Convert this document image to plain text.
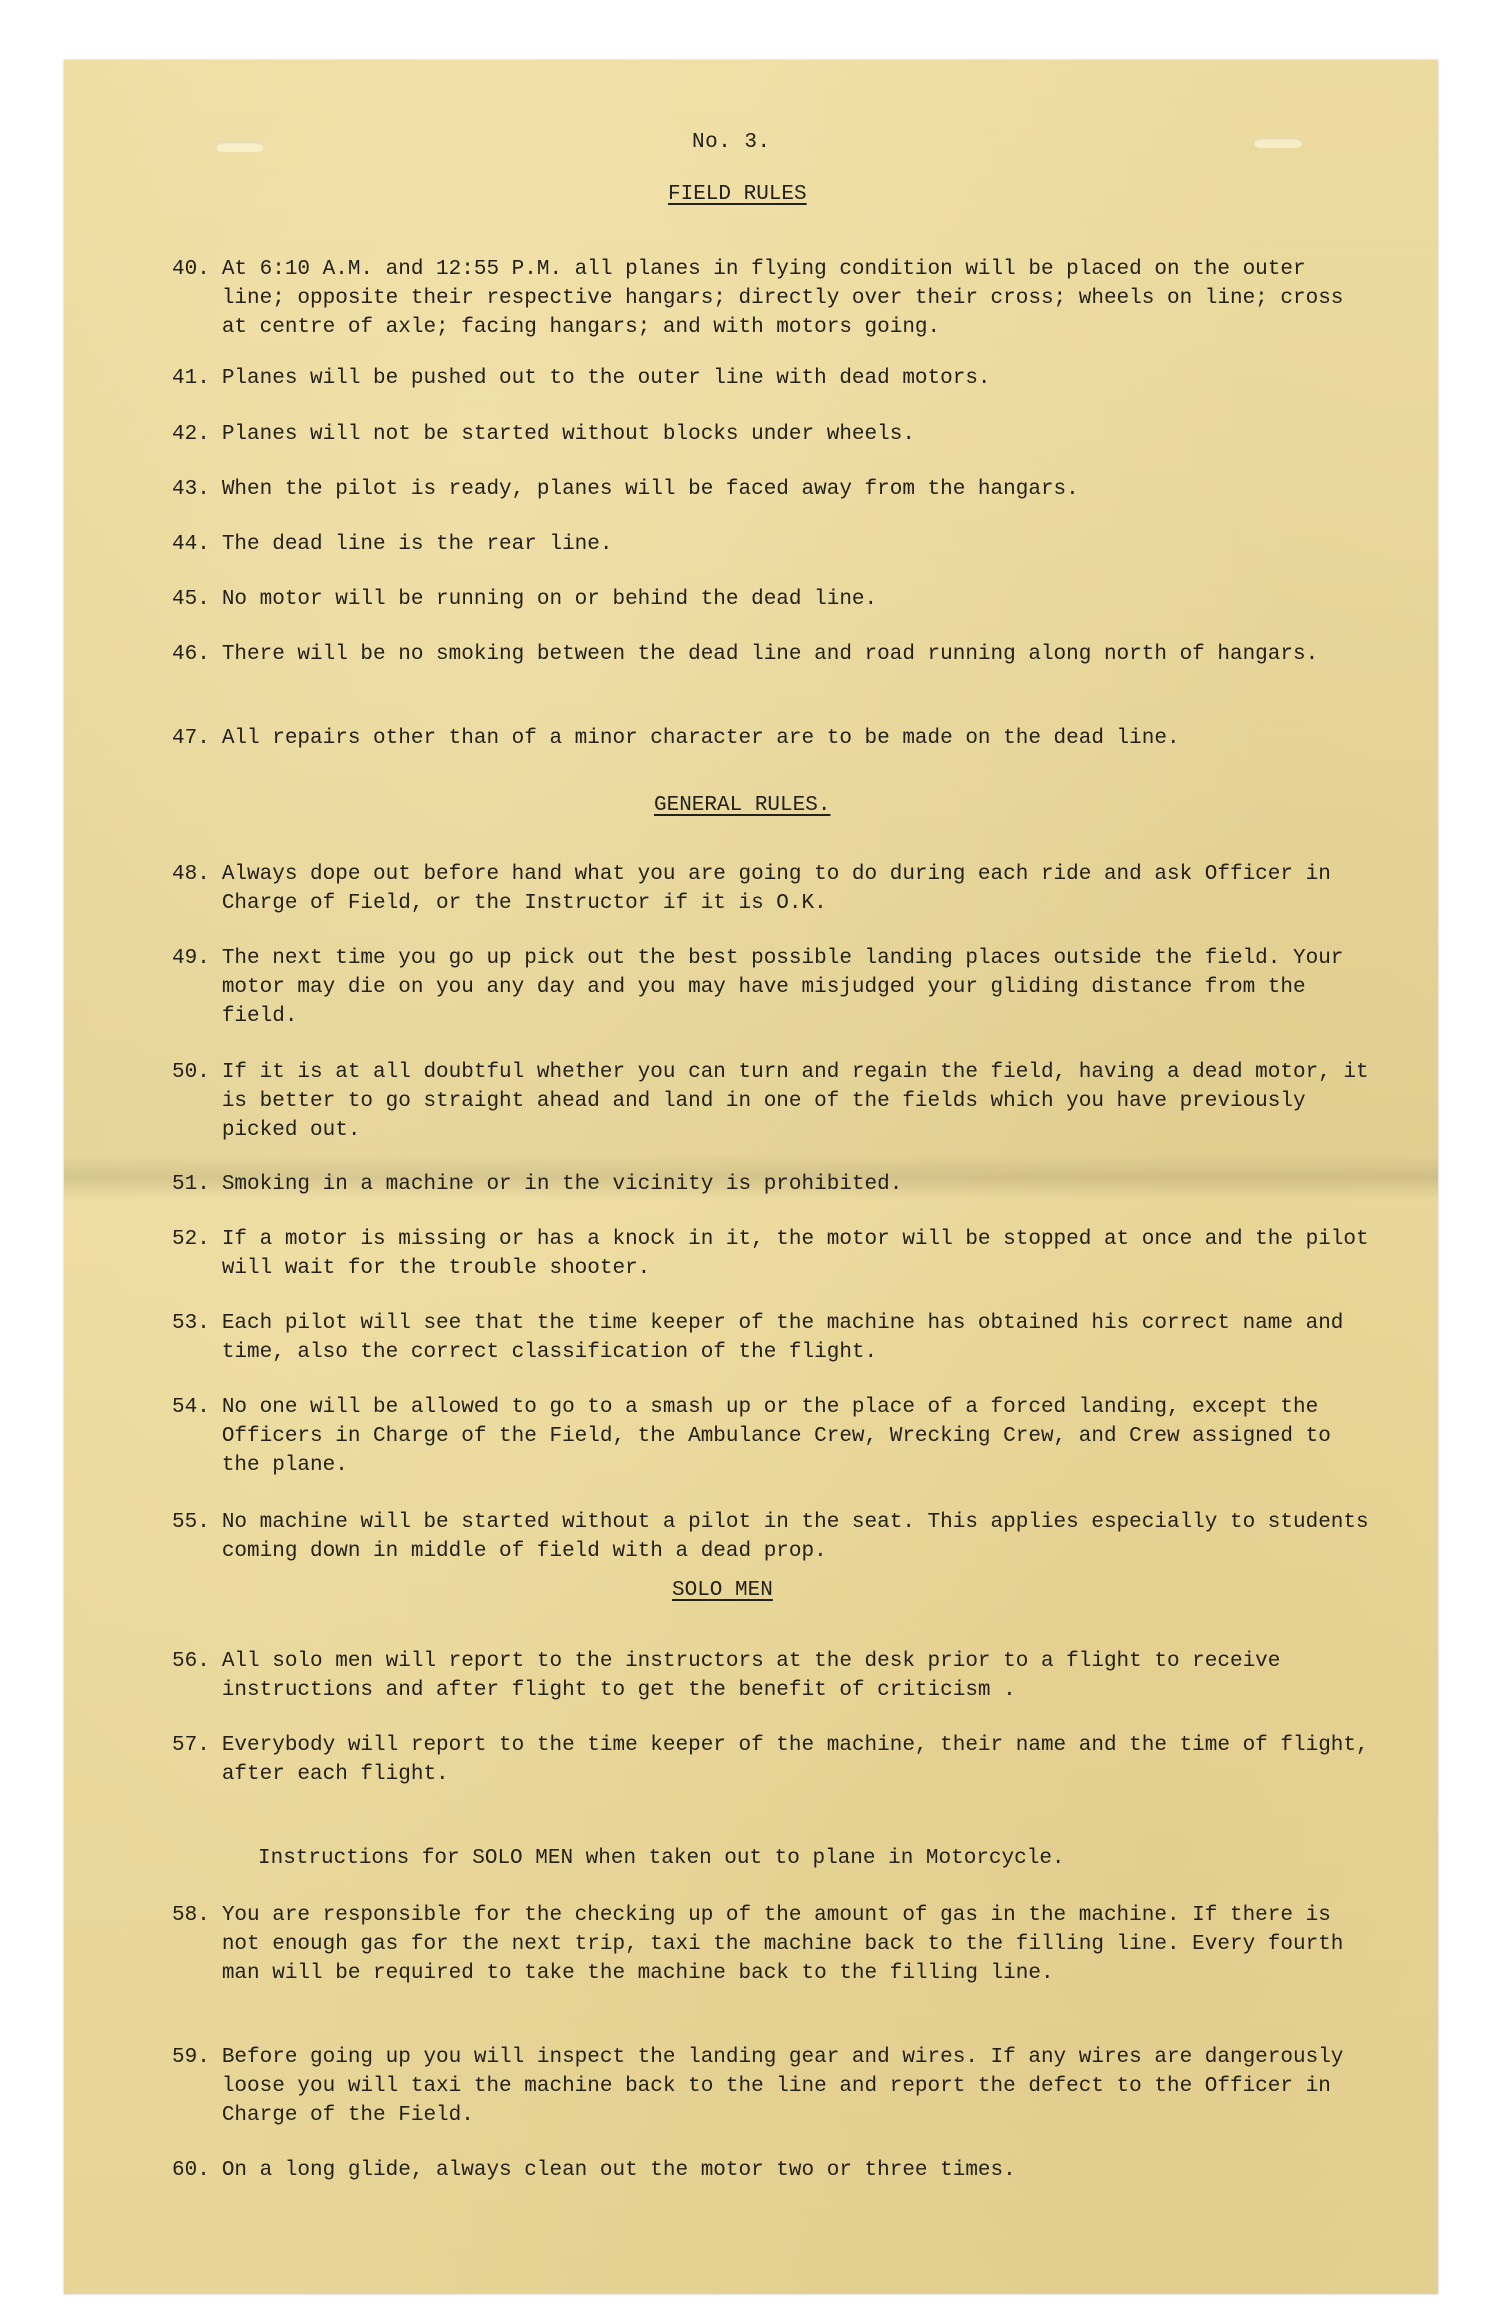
No. 3.
FIELD RULES
40. At 6:10 A.M. and 12:55 P.M. all planes in flying condition will be placed on the outer line; opposite their respective hangars; directly over their cross; wheels on line; cross at centre of axle; facing hangars; and with motors going.
41. Planes will be pushed out to the outer line with dead motors.
42. Planes will not be started without blocks under wheels.
43. When the pilot is ready, planes will be faced away from the hangars.
44. The dead line is the rear line.
45. No motor will be running on or behind the dead line.
46. There will be no smoking between the dead line and road running along north of hangars.
47. All repairs other than of a minor character are to be made on the dead line.
GENERAL RULES.
48. Always dope out before hand what you are going to do during each ride and ask Officer in Charge of Field, or the Instructor if it is O.K.
49. The next time you go up pick out the best possible landing places outside the field. Your motor may die on you any day and you may have misjudged your gliding distance from the field.
50. If it is at all doubtful whether you can turn and regain the field, having a dead motor, it is better to go straight ahead and land in one of the fields which you have previously picked out.
51. Smoking in a machine or in the vicinity is prohibited.
52. If a motor is missing or has a knock in it, the motor will be stopped at once and the pilot will wait for the trouble shooter.
53. Each pilot will see that the time keeper of the machine has obtained his correct name and time, also the correct classification of the flight.
54. No one will be allowed to go to a smash up or the place of a forced landing, except the Officers in Charge of the Field, the Ambulance Crew, Wrecking Crew, and Crew assigned to the plane.
55. No machine will be started without a pilot in the seat. This applies especially to students coming down in middle of field with a dead prop.
SOLO MEN
56. All solo men will report to the instructors at the desk prior to a flight to receive instructions and after flight to get the benefit of criticism .
57. Everybody will report to the time keeper of the machine, their name and the time of flight, after each flight.
Instructions for SOLO MEN when taken out to plane in Motorcycle.
58. You are responsible for the checking up of the amount of gas in the machine. If there is not enough gas for the next trip, taxi the machine back to the filling line. Every fourth man will be required to take the machine back to the filling line.
59. Before going up you will inspect the landing gear and wires. If any wires are dangerously loose you will taxi the machine back to the line and report the defect to the Officer in Charge of the Field.
60. On a long glide, always clean out the motor two or three times.
